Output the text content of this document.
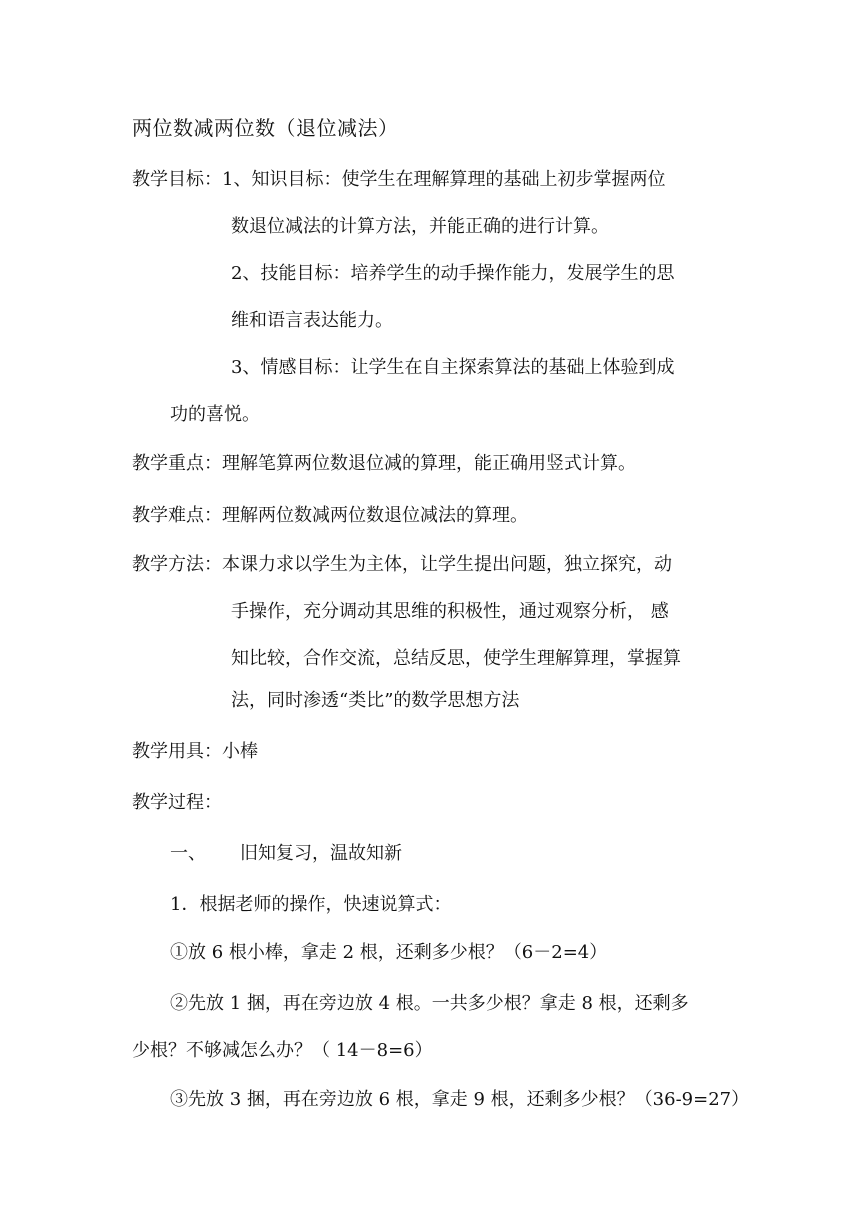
两位数减两位数（退位减法）
教学目标：1、知识目标：使学生在理解算理的基础上初步掌握两位
数退位减法的计算方法，并能正确的进行计算。
2、技能目标：培养学生的动手操作能力，发展学生的思
维和语言表达能力。
3、情感目标：让学生在自主探索算法的基础上体验到成
功的喜悦。
教学重点：理解笔算两位数退位减的算理，能正确用竖式计算。
教学难点：理解两位数减两位数退位减法的算理。
教学方法：本课力求以学生为主体，让学生提出问题，独立探究，动
手操作，充分调动其思维的积极性，通过观察分析， 感
知比较，合作交流，总结反思，使学生理解算理，掌握算
法，同时渗透“类比”的数学思想方法
教学用具：小棒
教学过程：
一、 旧知复习，温故知新
1．根据老师的操作，快速说算式：
①放 6 根小棒，拿走 2 根，还剩多少根？（6－2=4）
②先放 1 捆，再在旁边放 4 根。一共多少根？拿走 8 根，还剩多
少根？不够减怎么办？（ 14－8=6）
③先放 3 捆，再在旁边放 6 根，拿走 9 根，还剩多少根？（36-9=27）
